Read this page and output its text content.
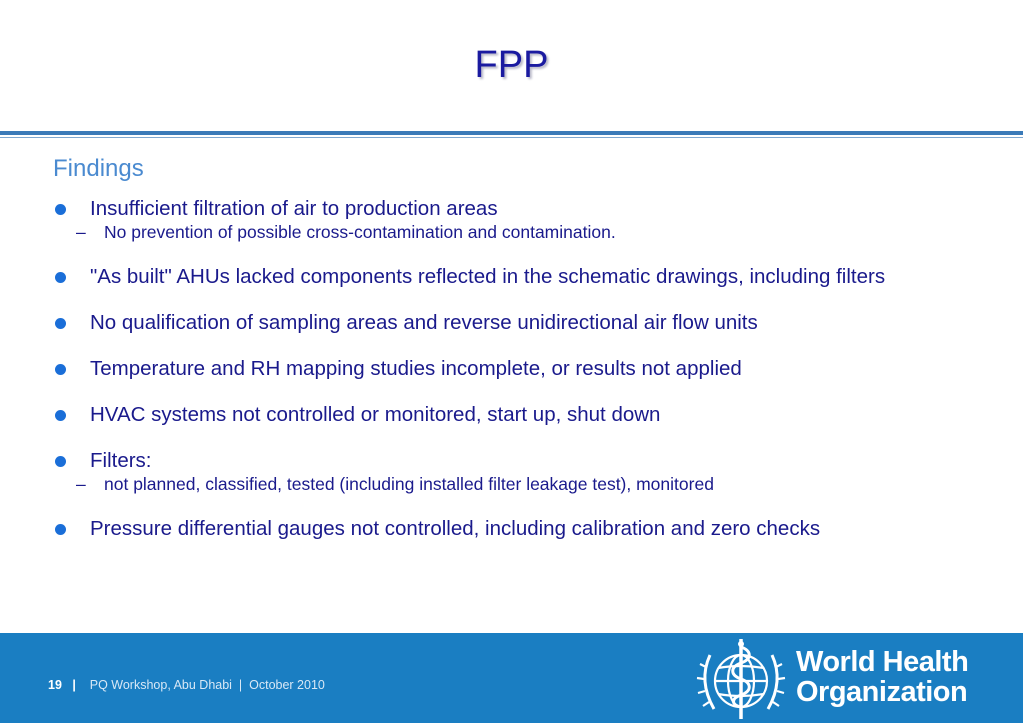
FPP
Findings
Insufficient filtration of air to production areas
– No prevention of possible cross-contamination and contamination.
"As built" AHUs lacked components reflected in the schematic drawings, including filters
No qualification of sampling areas and reverse unidirectional air flow units
Temperature and RH mapping studies incomplete, or results not applied
HVAC systems not controlled or monitored, start up, shut down
Filters:
– not planned, classified, tested (including installed filter leakage test), monitored
Pressure differential gauges not controlled, including calibration and zero checks
19 | PQ Workshop, Abu Dhabi | October 2010
World Health
Organization
